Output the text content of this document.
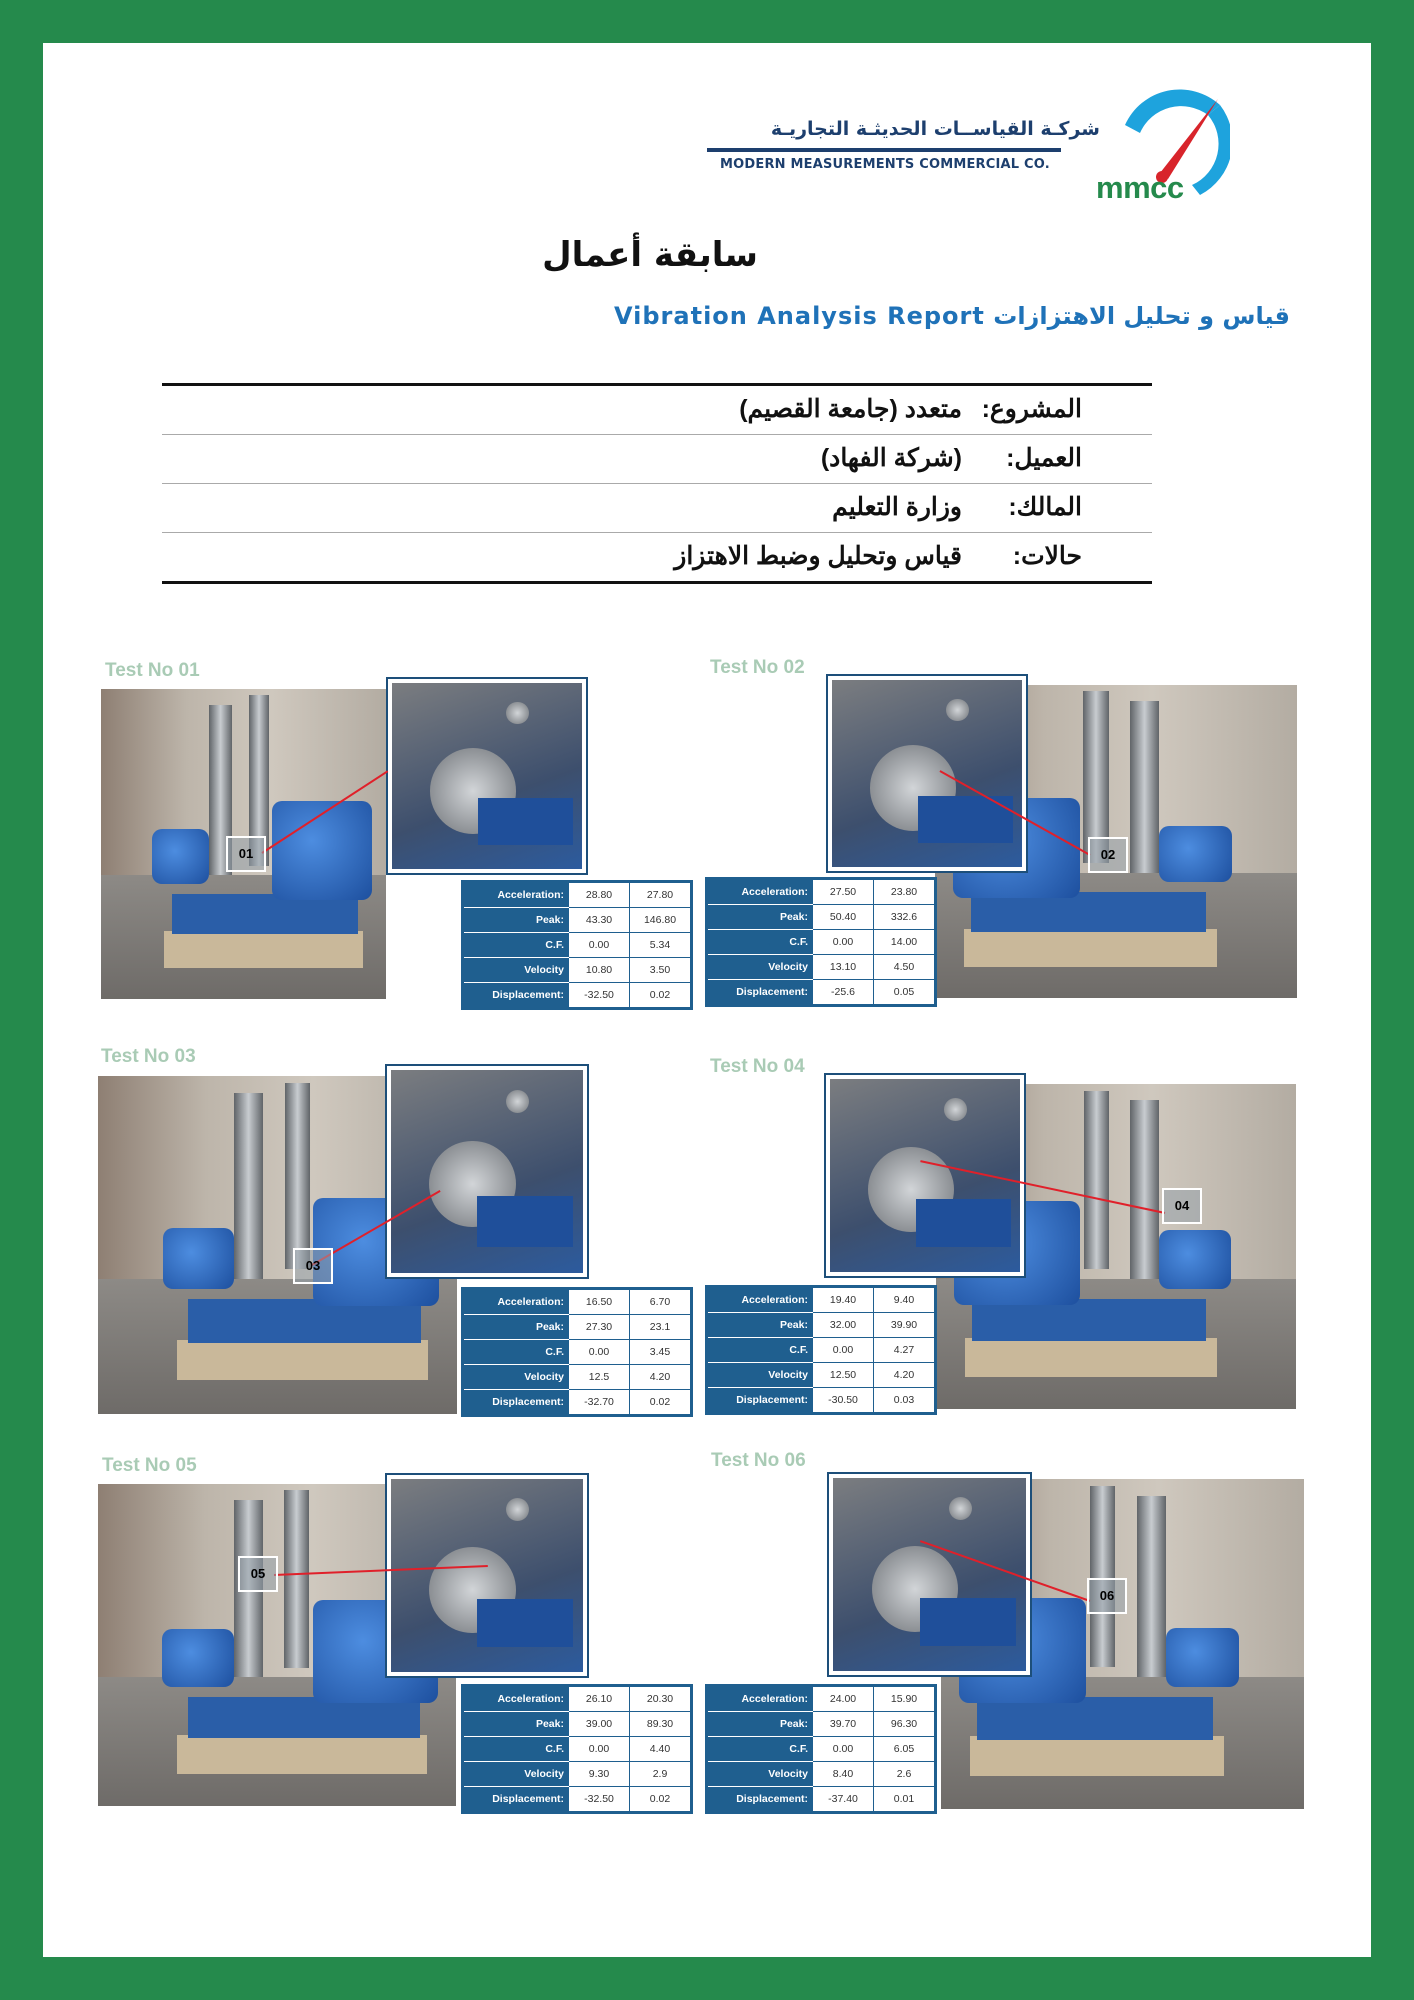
شركـة القياســات الحديثـة التجاريـة
MODERN MEASUREMENTS COMMERCIAL CO.
mmcc
سابقة أعمال
قياس و تحليل الاهتزازات Vibration Analysis Report
المشروع:
متعدد (جامعة القصيم)
العميل:
(شركة الفهاد)
المالك:
وزارة التعليم
حالات:
قياس وتحليل وضبط الاهتزاز
Test No 01
01
Acceleration:	28.80	27.80
Peak:	43.30	146.80
C.F.	0.00	5.34
Velocity	10.80	3.50
Displacement:	-32.50	0.02
Test No 02
02
Acceleration:	27.50	23.80
Peak:	50.40	332.6
C.F.	0.00	14.00
Velocity	13.10	4.50
Displacement:	-25.6	0.05
Test No 03
03
Acceleration:	16.50	6.70
Peak:	27.30	23.1
C.F.	0.00	3.45
Velocity	12.5	4.20
Displacement:	-32.70	0.02
Test No 04
04
Acceleration:	19.40	9.40
Peak:	32.00	39.90
C.F.	0.00	4.27
Velocity	12.50	4.20
Displacement:	-30.50	0.03
Test No 05
05
Acceleration:	26.10	20.30
Peak:	39.00	89.30
C.F.	0.00	4.40
Velocity	9.30	2.9
Displacement:	-32.50	0.02
Test No 06
06
Acceleration:	24.00	15.90
Peak:	39.70	96.30
C.F.	0.00	6.05
Velocity	8.40	2.6
Displacement:	-37.40	0.01
